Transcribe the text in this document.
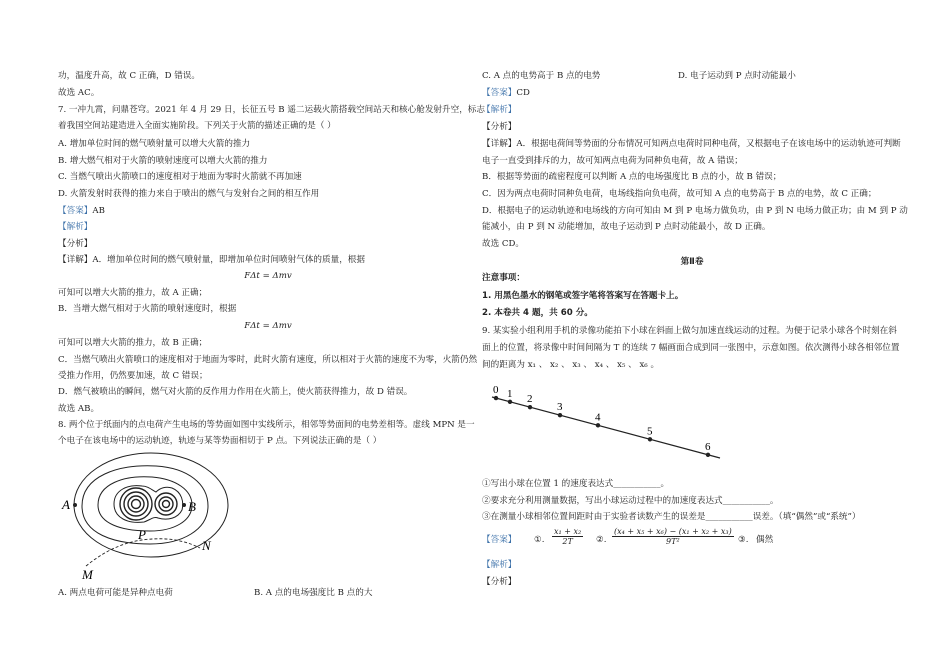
功，温度升高，故 C 正确，D 错误。
故选 AC。
7. 一冲九霄，问鼎苍穹。2021 年 4 月 29 日，长征五号 B 遥二运载火箭搭载空间站天和核心舱发射升空，标志
着我国空间站建造进入全面实施阶段。下列关于火箭的描述正确的是（ ）
A. 增加单位时间的燃气喷射量可以增大火箭的推力
B. 增大燃气相对于火箭的喷射速度可以增大火箭的推力
C. 当燃气喷出火箭喷口的速度相对于地面为零时火箭就不再加速
D. 火箭发射时获得的推力来自于喷出的燃气与发射台之间的相互作用
【答案】AB
【解析】
【分析】
【详解】A．增加单位时间的燃气喷射量，即增加单位时间喷射气体的质量，根据
FΔt = Δmv
可知可以增大火箭的推力，故 A 正确；
B．当增大燃气相对于火箭的喷射速度时，根据
FΔt = Δmv
可知可以增大火箭的推力，故 B 正确；
C．当燃气喷出火箭喷口的速度相对于地面为零时，此时火箭有速度，所以相对于火箭的速度不为零，火箭仍然
受推力作用，仍然要加速，故 C 错误；
D．燃气被喷出的瞬间，燃气对火箭的反作用力作用在火箭上，使火箭获得推力，故 D 错误。
故选 AB。
8. 两个位于纸面内的点电荷产生电场的等势面如图中实线所示，相邻等势面间的电势差相等。虚线 MPN 是一
个电子在该电场中的运动轨迹，轨迹与某等势面相切于 P 点。下列说法正确的是（ ）
A	B
P
N
M
A. 两点电荷可能是异种点电荷	B. A 点的电场强度比 B 点的大
C. A 点的电势高于 B 点的电势	D. 电子运动到 P 点时动能最小
【答案】CD
【解析】
【分析】
【详解】A．根据电荷间等势面的分布情况可知两点电荷时同种电荷，又根据电子在该电场中的运动轨迹可判断
电子一直受到排斥的力，故可知两点电荷为同种负电荷，故 A 错误；
B．根据等势面的疏密程度可以判断 A 点的电场强度比 B 点的小，故 B 错误；
C．因为两点电荷时同种负电荷，电场线指向负电荷，故可知 A 点的电势高于 B 点的电势，故 C 正确；
D．根据电子的运动轨迹和电场线的方向可知由 M 到 P 电场力做负功，由 P 到 N 电场力做正功；由 M 到 P 动
能减小，由 P 到 N 动能增加，故电子运动到 P 点时动能最小，故 D 正确。
故选 CD。
第Ⅱ卷
注意事项：
1. 用黑色墨水的钢笔或签字笔将答案写在答题卡上。
2. 本卷共 4 题，共 60 分。
9. 某实验小组利用手机的录像功能拍下小球在斜面上做匀加速直线运动的过程。为便于记录小球各个时刻在斜
面上的位置，将录像中时间间隔为 T 的连续 7 幅画面合成到同一张图中，示意如图。依次测得小球各相邻位置
间的距离为 x₁ 、 x₂ 、 x₃ 、 x₄ 、 x₅ 、 x₆ 。
0 1 2
3
4
5
6
①写出小球在位置 1 的速度表达式___________。
②要求充分利用测量数据，写出小球运动过程中的加速度表达式___________。
③在测量小球相邻位置间距时由于实验者读数产生的误差是___________误差。（填“偶然”或“系统”）
【答案】 ①. $\frac{\text{x₁ + x₂}}{2T}$ ②. $\frac{\text{(x₄ + x₅ + x₆) − (x₁ + x₂ + x₃)}}{\text{9T²}}$ ③. 偶然
【解析】
【分析】
